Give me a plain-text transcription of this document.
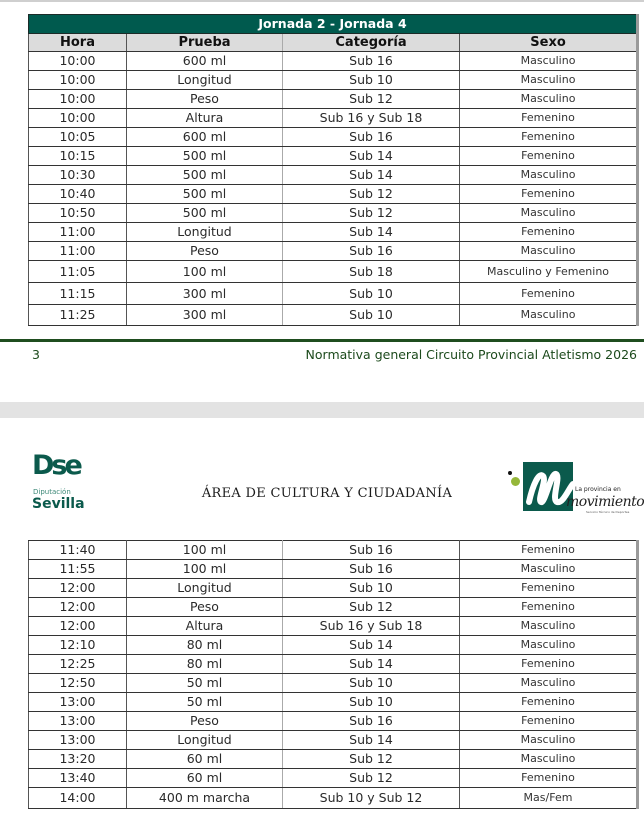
Jornada 2 - Jornada 4			
Hora	Prueba	Categoría	Sexo
10:00	600 ml	Sub 16	Masculino
10:00	Longitud	Sub 10	Masculino
10:00	Peso	Sub 12	Masculino
10:00	Altura	Sub 16 y Sub 18	Femenino
10:05	600 ml	Sub 16	Femenino
10:15	500 ml	Sub 14	Femenino
10:30	500 ml	Sub 14	Masculino
10:40	500 ml	Sub 12	Femenino
10:50	500 ml	Sub 12	Masculino
11:00	Longitud	Sub 14	Femenino
11:00	Peso	Sub 16	Masculino
11:05	100 ml	Sub 18	Masculino y Femenino
11:15	300 ml	Sub 10	Femenino
11:25	300 ml	Sub 10	Masculino
3	Normativa general Circuito Provincial Atletismo 2026
Dse
Diputación
Sevilla
ÁREA DE CULTURA Y CIUDADANÍA	La provincia en
movimiento
Servicio Técnico de Deportes
11:40	100 ml	Sub 16	Femenino
11:55	100 ml	Sub 16	Masculino
12:00	Longitud	Sub 10	Femenino
12:00	Peso	Sub 12	Femenino
12:00	Altura	Sub 16 y Sub 18	Masculino
12:10	80 ml	Sub 14	Masculino
12:25	80 ml	Sub 14	Femenino
12:50	50 ml	Sub 10	Masculino
13:00	50 ml	Sub 10	Femenino
13:00	Peso	Sub 16	Femenino
13:00	Longitud	Sub 14	Masculino
13:20	60 ml	Sub 12	Masculino
13:40	60 ml	Sub 12	Femenino
14:00	400 m marcha	Sub 10 y Sub 12	Mas/Fem
